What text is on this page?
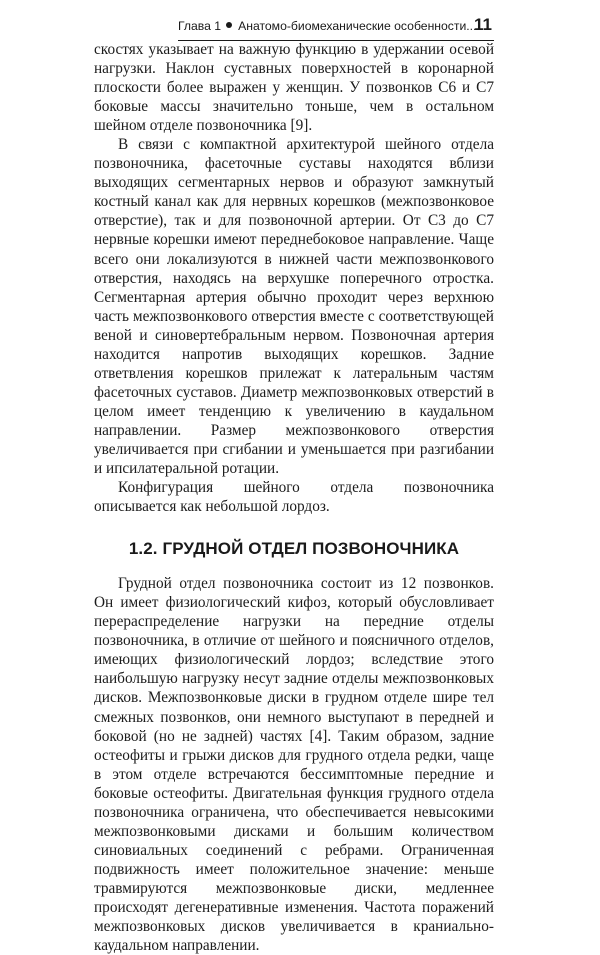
Глава 1 Анатомо-биомеханические особенности...
11

скостях указывает на важную функцию в удержании осевой нагрузки. Наклон суставных поверхностей в коронарной плоскости более выражен у женщин. У позвонков С6 и С7 боковые массы значительно тоньше, чем в остальном шейном отделе позвоночника [9].

В связи с компактной архитектурой шейного отдела позвоночника, фасеточные суставы находятся вблизи выходящих сегментарных нервов и образуют замкнутый костный канал как для нервных корешков (межпозвонковое отверстие), так и для позвоночной артерии. От С3 до С7 нервные корешки имеют переднебоковое направление. Чаще всего они локализуются в нижней части межпозвонкового отверстия, находясь на верхушке поперечного отростка. Сегментарная артерия обычно проходит через верхнюю часть межпозвонкового отверстия вместе с соответствующей веной и синовертебральным нервом. Позвоночная артерия находится напротив выходящих корешков. Задние ответвления корешков прилежат к латеральным частям фасеточных суставов. Диаметр межпозвонковых отверстий в целом имеет тенденцию к увеличению в каудальном направлении. Размер межпозвонкового отверстия увеличивается при сгибании и уменьшается при разгибании и ипсилатеральной ротации.

Конфигурация шейного отдела позвоночника описывается как небольшой лордоз.

1.2. ГРУДНОЙ ОТДЕЛ ПОЗВОНОЧНИКА

Грудной отдел позвоночника состоит из 12 позвонков. Он имеет физиологический кифоз, который обусловливает перераспределение нагрузки на передние отделы позвоночника, в отличие от шейного и поясничного отделов, имеющих физиологический лордоз; вследствие этого наибольшую нагрузку несут задние отделы межпозвонковых дисков. Межпозвонковые диски в грудном отделе шире тел смежных позвонков, они немного выступают в передней и боковой (но не задней) частях [4]. Таким образом, задние остеофиты и грыжи дисков для грудного отдела редки, чаще в этом отделе встречаются бессимптомные передние и боковые остеофиты. Двигательная функция грудного отдела позвоночника ограничена, что обеспечивается невысокими межпозвонковыми дисками и большим количеством синовиальных соединений с ребрами. Ограниченная подвижность имеет положительное значение: меньше травмируются межпозвонковые диски, медленнее происходят дегенеративные изменения. Частота поражений межпозвонковых дисков увеличивается в краниально-каудальном направлении.
